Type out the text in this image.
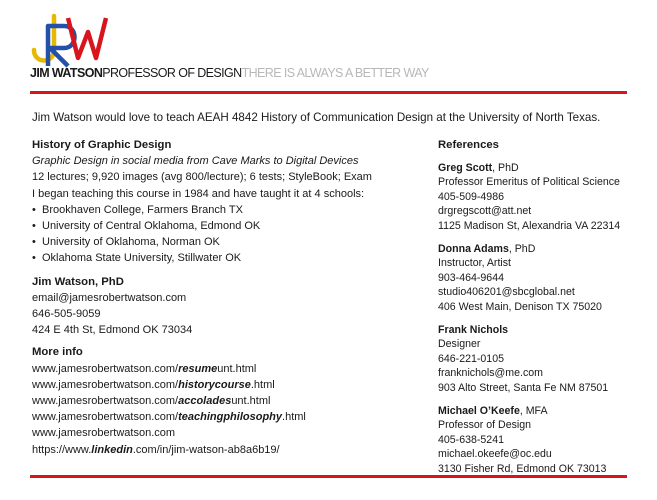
JIM WATSONPROFESSOR OF DESIGNTHERE IS ALWAYS A BETTER WAY
Jim Watson would love to teach AEAH 4842 History of Communication Design at the University of North Texas.
History of Graphic Design
Graphic Design in social media from Cave Marks to Digital Devices
12 lectures; 9,920 images (avg 800/lecture); 6 tests; StyleBook; Exam
I began teaching this course in 1984 and have taught it at 4 schools:
• Brookhaven College, Farmers Branch TX
• University of Central Oklahoma, Edmond OK
• University of Oklahoma, Norman OK
• Oklahoma State University, Stillwater OK
Jim Watson, PhD
email@jamesrobertwatson.com
646-505-9059
424 E 4th St, Edmond OK 73034
More info
www.jamesrobertwatson.com/resumeunt.html
www.jamesrobertwatson.com/historycourse.html
www.jamesrobertwatson.com/accoladesunt.html
www.jamesrobertwatson.com/teachingphilosophy.html
www.jamesrobertwatson.com
https://www.linkedin.com/in/jim-watson-ab8a6b19/
References
Greg Scott, PhD
Professor Emeritus of Political Science
405-509-4986
drgregscott@att.net
1125 Madison St, Alexandria VA 22314
Donna Adams, PhD
Instructor, Artist
903-464-9644
studio406201@sbcglobal.net
406 West Main, Denison TX 75020
Frank Nichols
Designer
646-221-0105
franknichols@me.com
903 Alto Street, Santa Fe NM 87501
Michael O’Keefe, MFA
Professor of Design
405-638-5241
michael.okeefe@oc.edu
3130 Fisher Rd, Edmond OK 73013
